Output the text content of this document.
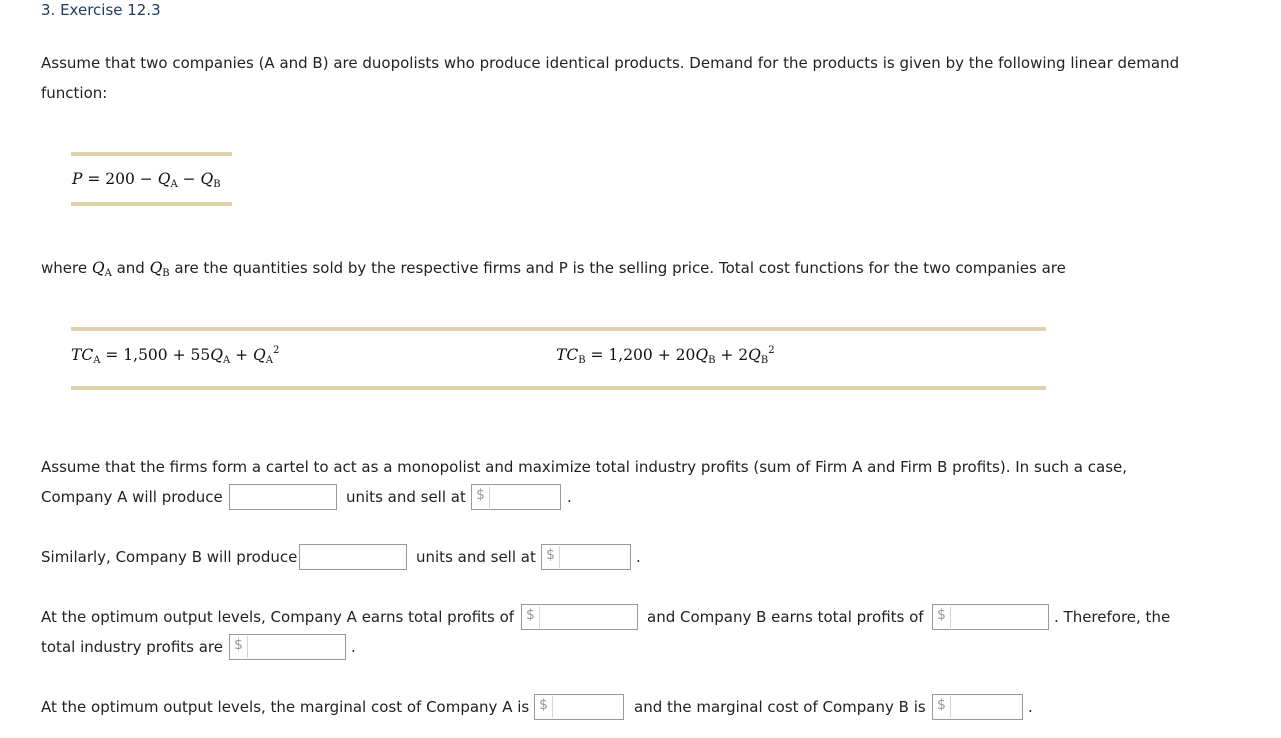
3. Exercise 12.3
Assume that two companies (A and B) are duopolists who produce identical products. Demand for the products is given by the following linear demand
function:
$P = 200 - Q_A - Q_B$
where $Q_A$ and $Q_B$ are the quantities sold by the respective firms and P is the selling price. Total cost functions for the two companies are
$TC_A = 1,500 + 55Q_A + Q_A^2$	$TC_B = 1,200 + 20Q_B + 2Q_B^2$
Assume that the firms form a cartel to act as a monopolist and maximize total industry profits (sum of Firm A and Firm B profits). In such a case,
Company A will produce	units and sell at $	.
Similarly, Company B will produce	units and sell at $	.
At the optimum output levels, Company A earns total profits of $	and Company B earns total profits of $	. Therefore, the
total industry profits are $	.
At the optimum output levels, the marginal cost of Company A is $	and the marginal cost of Company B is $	.
